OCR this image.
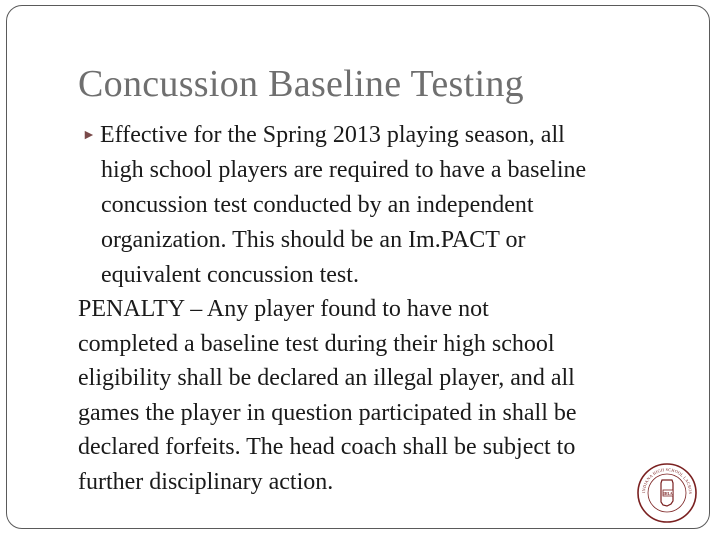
Concussion Baseline Testing
► Effective for the Spring 2013 playing season, all
high school players are required to have a baseline
concussion test conducted by an independent
organization. This should be an Im.PACT or
equivalent concussion test.
PENALTY – Any player found to have not
completed a baseline test during their high school
eligibility shall be declared an illegal player, and all
games the player in question participated in shall be
declared forfeits. The head coach shall be subject to
further disciplinary action.	INDIANA HIGH SCHOOL LACROS
IHLA
